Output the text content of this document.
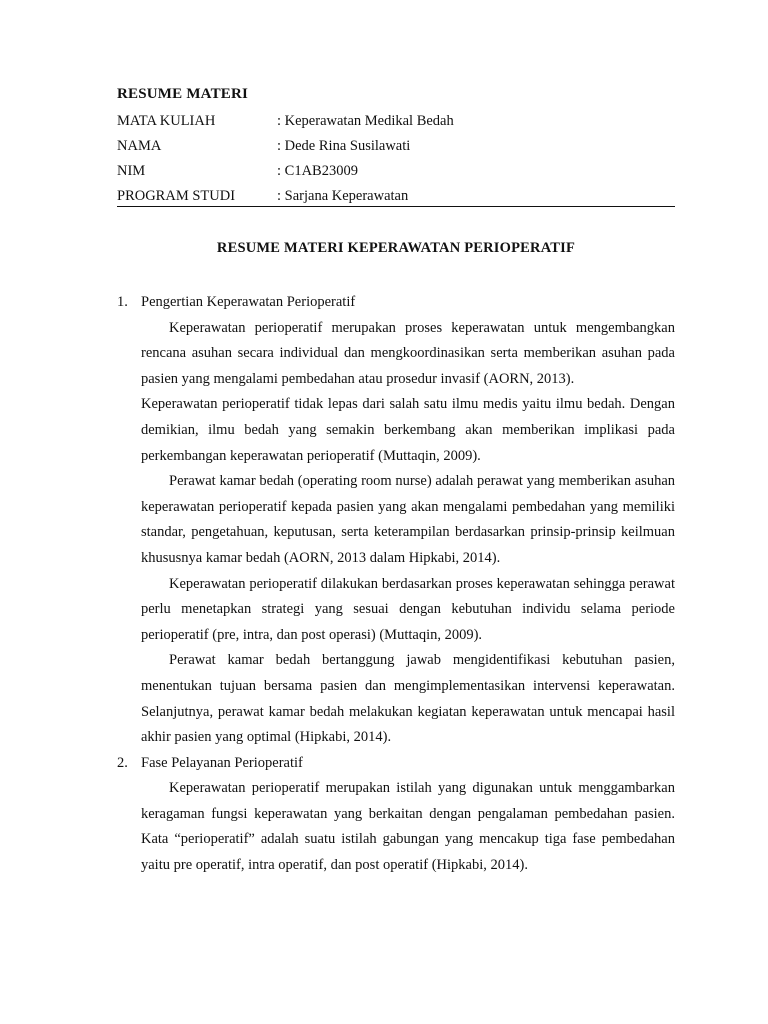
RESUME MATERI
MATA KULIAH	: Keperawatan Medikal Bedah
NAMA	: Dede Rina Susilawati
NIM	: C1AB23009
PROGRAM STUDI	: Sarjana Keperawatan
RESUME MATERI KEPERAWATAN PERIOPERATIF
1. Pengertian Keperawatan Perioperatif

Keperawatan perioperatif merupakan proses keperawatan untuk mengembangkan rencana asuhan secara individual dan mengkoordinasikan serta memberikan asuhan pada pasien yang mengalami pembedahan atau prosedur invasif (AORN, 2013).

Keperawatan perioperatif tidak lepas dari salah satu ilmu medis yaitu ilmu bedah. Dengan demikian, ilmu bedah yang semakin berkembang akan memberikan implikasi pada perkembangan keperawatan perioperatif (Muttaqin, 2009).

Perawat kamar bedah (operating room nurse) adalah perawat yang memberikan asuhan keperawatan perioperatif kepada pasien yang akan mengalami pembedahan yang memiliki standar, pengetahuan, keputusan, serta keterampilan berdasarkan prinsip-prinsip keilmuan khususnya kamar bedah (AORN, 2013 dalam Hipkabi, 2014).

Keperawatan perioperatif dilakukan berdasarkan proses keperawatan sehingga perawat perlu menetapkan strategi yang sesuai dengan kebutuhan individu selama periode perioperatif (pre, intra, dan post operasi) (Muttaqin, 2009).

Perawat kamar bedah bertanggung jawab mengidentifikasi kebutuhan pasien, menentukan tujuan bersama pasien dan mengimplementasikan intervensi keperawatan. Selanjutnya, perawat kamar bedah melakukan kegiatan keperawatan untuk mencapai hasil akhir pasien yang optimal (Hipkabi, 2014).

2. Fase Pelayanan Perioperatif

Keperawatan perioperatif merupakan istilah yang digunakan untuk menggambarkan keragaman fungsi keperawatan yang berkaitan dengan pengalaman pembedahan pasien. Kata “perioperatif” adalah suatu istilah gabungan yang mencakup tiga fase pembedahan yaitu pre operatif, intra operatif, dan post operatif (Hipkabi, 2014).
